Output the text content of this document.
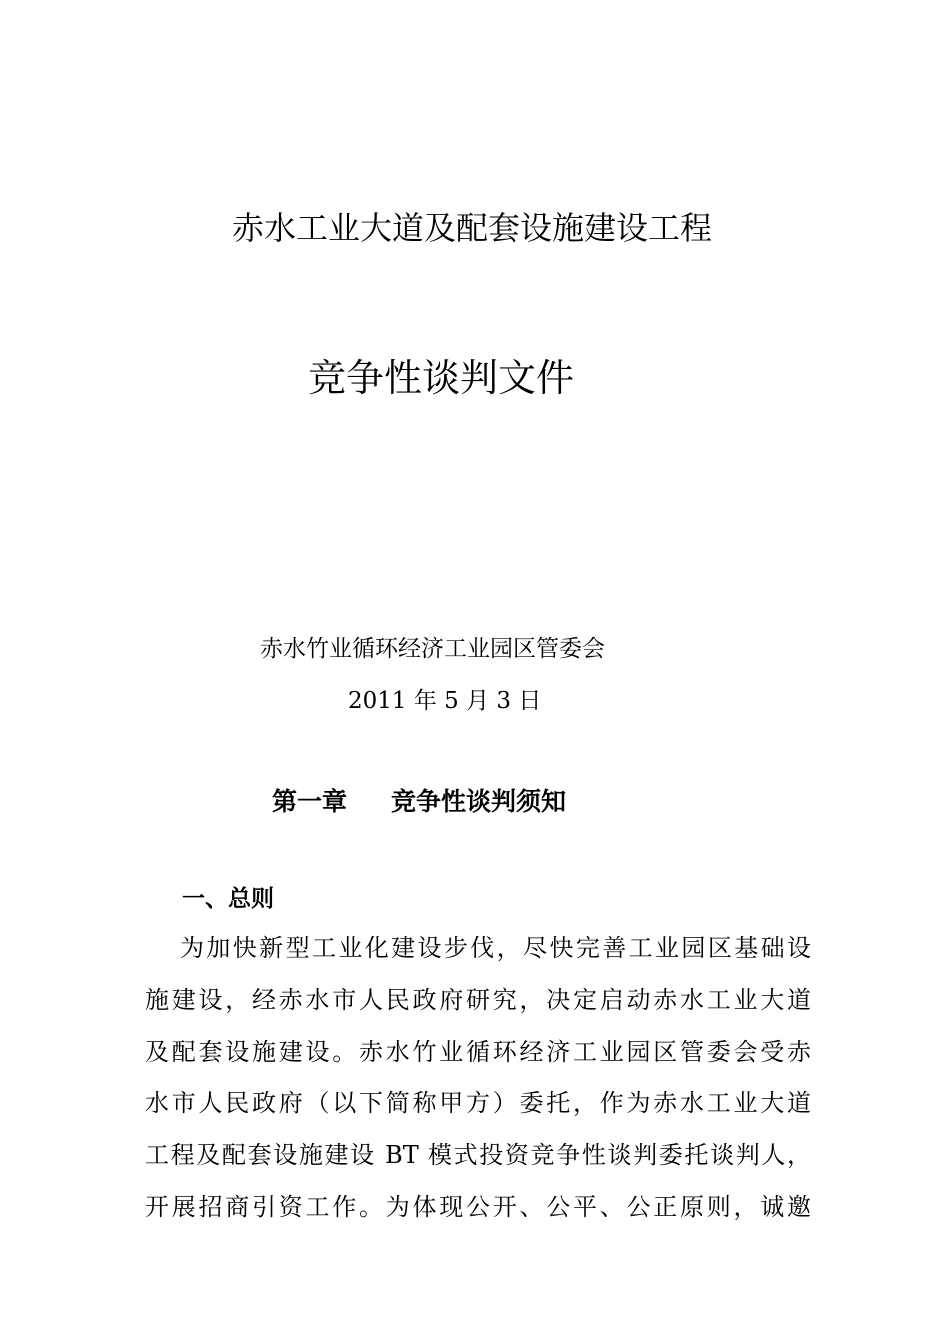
赤水工业大道及配套设施建设工程
竞争性谈判文件
赤水竹业循环经济工业园区管委会
2011 年 5 月 3 日
第一章 竞争性谈判须知
一、总则
为加快新型工业化建设步伐，尽快完善工业园区基础设
施建设，经赤水市人民政府研究，决定启动赤水工业大道
及配套设施建设。赤水竹业循环经济工业园区管委会受赤
水市人民政府（以下简称甲方）委托，作为赤水工业大道
工程及配套设施建设 BT 模式投资竞争性谈判委托谈判人，
开展招商引资工作。为体现公开、公平、公正原则，诚邀
